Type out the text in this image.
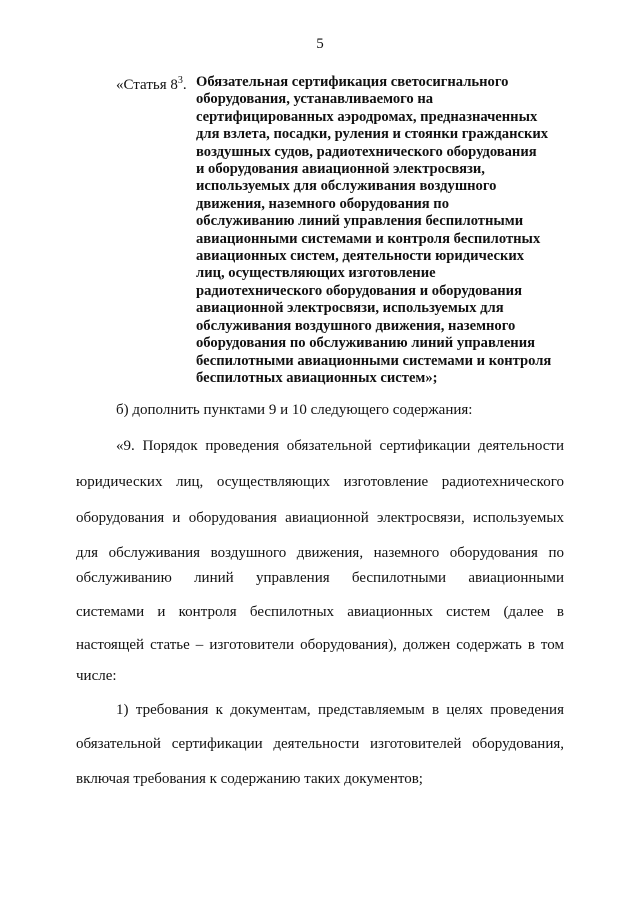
5
«Статья $8^3$. Обязательная сертификация светосигнального
оборудования, устанавливаемого на
сертифицированных аэродромах, предназначенных
для взлета, посадки, руления и стоянки гражданских
воздушных судов, радиотехнического оборудования
и оборудования авиационной электросвязи,
используемых для обслуживания воздушного
движения, наземного оборудования по
обслуживанию линий управления беспилотными
авиационными системами и контроля беспилотных
авиационных систем, деятельности юридических
лиц, осуществляющих изготовление
радиотехнического оборудования и оборудования
авиационной электросвязи, используемых для
обслуживания воздушного движения, наземного
оборудования по обслуживанию линий управления
беспилотными авиационными системами и контроля
беспилотных авиационных систем»;
б) дополнить пунктами 9 и 10 следующего содержания:
«9. Порядок проведения обязательной сертификации деятельности
юридических лиц, осуществляющих изготовление радиотехнического
оборудования и оборудования авиационной электросвязи, используемых
для обслуживания воздушного движения, наземного оборудования по
обслуживанию линий управления беспилотными авиационными
системами и контроля беспилотных авиационных систем (далее в
настоящей статье – изготовители оборудования), должен содержать в том
числе:
1) требования к документам, представляемым в целях проведения
обязательной сертификации деятельности изготовителей оборудования,
включая требования к содержанию таких документов;
